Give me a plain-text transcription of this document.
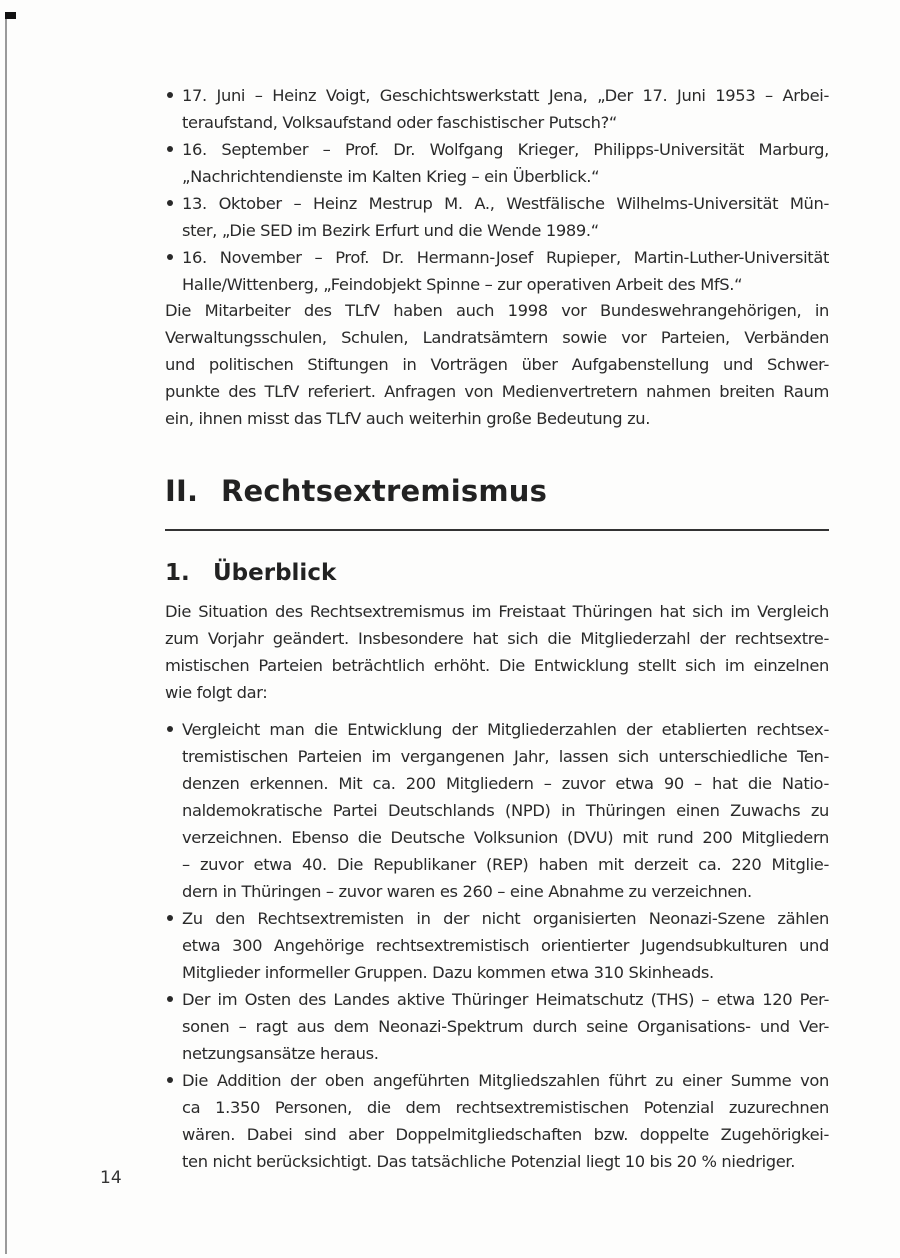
17. Juni – Heinz Voigt, Geschichtswerkstatt Jena, „Der 17. Juni 1953 – Arbei-
teraufstand, Volksaufstand oder faschistischer Putsch?“
16. September – Prof. Dr. Wolfgang Krieger, Philipps-Universität Marburg,
„Nachrichtendienste im Kalten Krieg – ein Überblick.“
13. Oktober – Heinz Mestrup M. A., Westfälische Wilhelms-Universität Mün-
ster, „Die SED im Bezirk Erfurt und die Wende 1989.“
16. November – Prof. Dr. Hermann-Josef Rupieper, Martin-Luther-Universität
Halle/Wittenberg, „Feindobjekt Spinne – zur operativen Arbeit des MfS.“
Die Mitarbeiter des TLfV haben auch 1998 vor Bundeswehrangehörigen, in
Verwaltungsschulen, Schulen, Landratsämtern sowie vor Parteien, Verbänden
und politischen Stiftungen in Vorträgen über Aufgabenstellung und Schwer-
punkte des TLfV referiert. Anfragen von Medienvertretern nahmen breiten Raum
ein, ihnen misst das TLfV auch weiterhin große Bedeutung zu.
II. Rechtsextremismus
1. Überblick
Die Situation des Rechtsextremismus im Freistaat Thüringen hat sich im Vergleich
zum Vorjahr geändert. Insbesondere hat sich die Mitgliederzahl der rechtsextre-
mistischen Parteien beträchtlich erhöht. Die Entwicklung stellt sich im einzelnen
wie folgt dar:
Vergleicht man die Entwicklung der Mitgliederzahlen der etablierten rechtsex-
tremistischen Parteien im vergangenen Jahr, lassen sich unterschiedliche Ten-
denzen erkennen. Mit ca. 200 Mitgliedern – zuvor etwa 90 – hat die Natio-
naldemokratische Partei Deutschlands (NPD) in Thüringen einen Zuwachs zu
verzeichnen. Ebenso die Deutsche Volksunion (DVU) mit rund 200 Mitgliedern
– zuvor etwa 40. Die Republikaner (REP) haben mit derzeit ca. 220 Mitglie-
dern in Thüringen – zuvor waren es 260 – eine Abnahme zu verzeichnen.
Zu den Rechtsextremisten in der nicht organisierten Neonazi-Szene zählen
etwa 300 Angehörige rechtsextremistisch orientierter Jugendsubkulturen und
Mitglieder informeller Gruppen. Dazu kommen etwa 310 Skinheads.
Der im Osten des Landes aktive Thüringer Heimatschutz (THS) – etwa 120 Per-
sonen – ragt aus dem Neonazi-Spektrum durch seine Organisations- und Ver-
netzungsansätze heraus.
Die Addition der oben angeführten Mitgliedszahlen führt zu einer Summe von
ca 1.350 Personen, die dem rechtsextremistischen Potenzial zuzurechnen
wären. Dabei sind aber Doppelmitgliedschaften bzw. doppelte Zugehörigkei-
ten nicht berücksichtigt. Das tatsächliche Potenzial liegt 10 bis 20 % niedriger.
14
